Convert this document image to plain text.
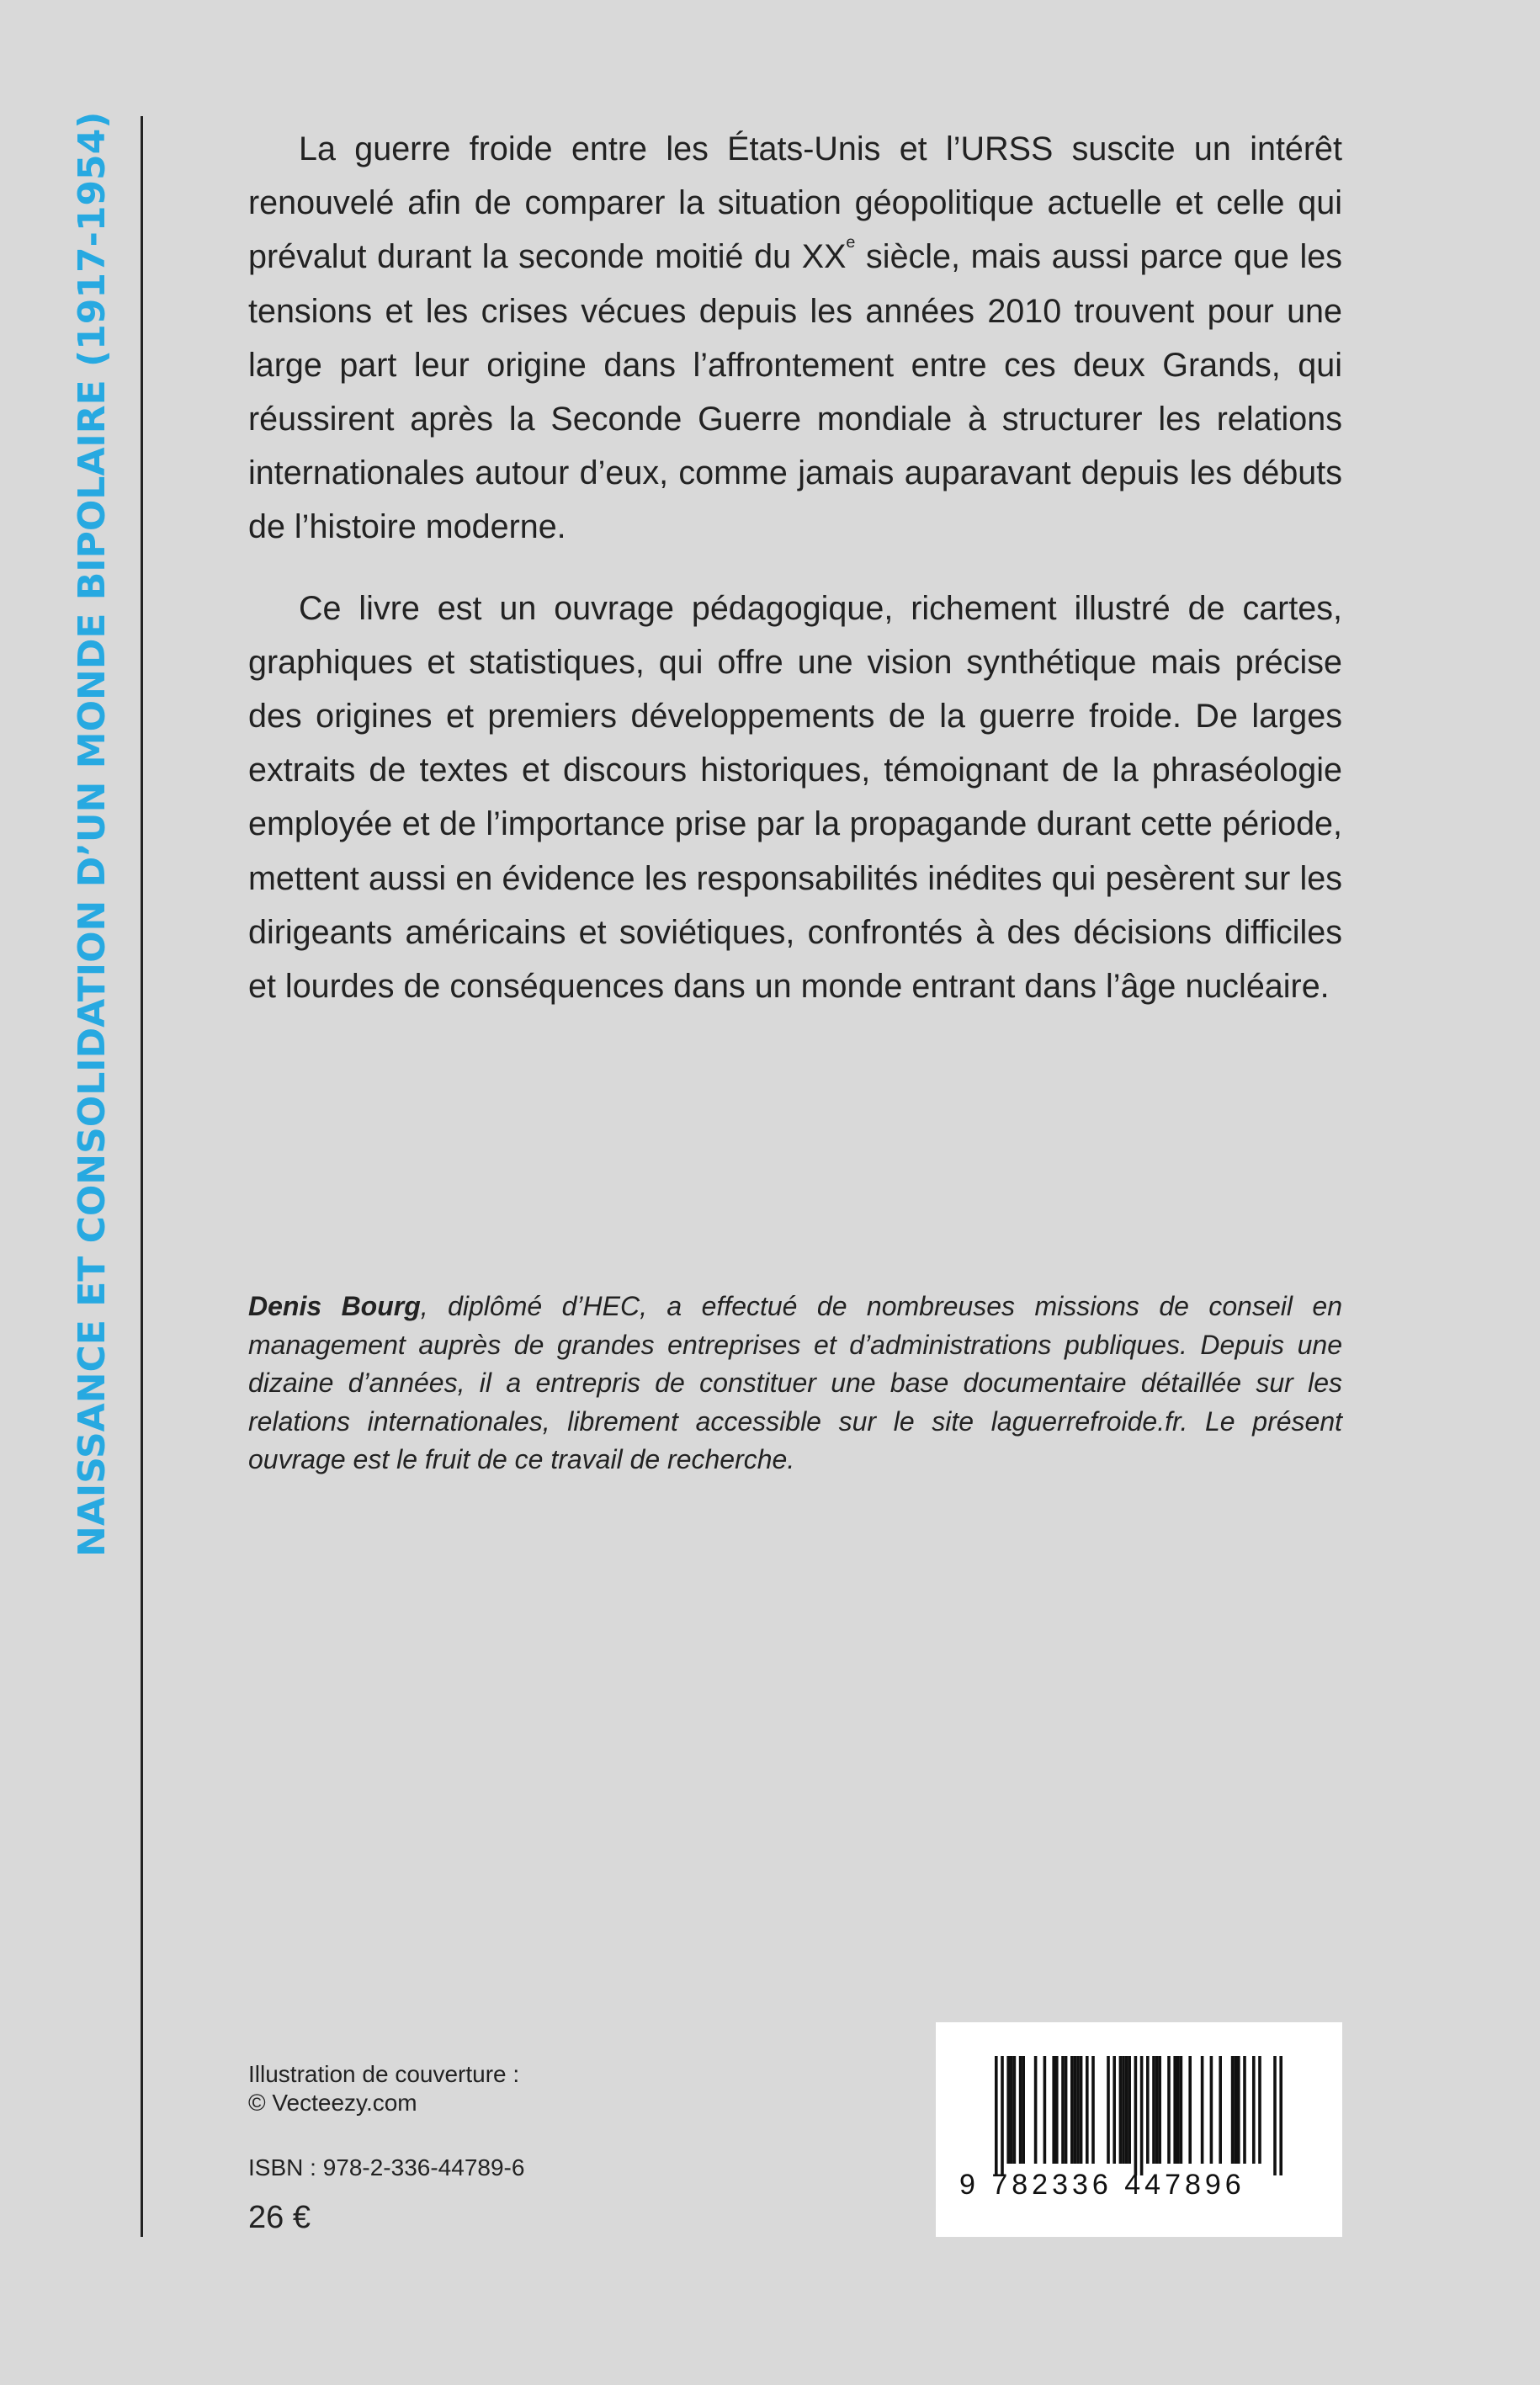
NAISSANCE ET CONSOLIDATION D’UN MONDE BIPOLAIRE (1917-1954)	La guerre froide entre les États-Unis et l’URSS suscite un intérêt renouvelé afin de comparer la situation géopolitique actuelle et celle qui prévalut durant la seconde moitié du XXe siècle, mais aussi parce que les tensions et les crises vécues depuis les années 2010 trouvent pour une large part leur origine dans l’affrontement entre ces deux Grands, qui réussirent après la Seconde Guerre mondiale à structurer les relations internationales autour d’eux, comme jamais auparavant depuis les débuts de l’histoire moderne.

Ce livre est un ouvrage pédagogique, richement illustré de cartes, graphiques et statistiques, qui offre une vision synthétique mais précise des origines et premiers développements de la guerre froide. De larges extraits de textes et discours historiques, témoignant de la phraséologie employée et de l’importance prise par la propagande durant cette période, mettent aussi en évidence les responsabilités inédites qui pesèrent sur les dirigeants américains et soviétiques, confrontés à des décisions difficiles et lourdes de conséquences dans un monde entrant dans l’âge nucléaire.

Denis Bourg, diplômé d’HEC, a effectué de nombreuses missions de conseil en management auprès de grandes entreprises et d’administrations publiques. Depuis une dizaine d’années, il a entrepris de constituer une base documentaire détaillée sur les relations internationales, librement accessible sur le site laguerrefroide.fr. Le présent ouvrage est le fruit de ce travail de recherche.
Illustration de couverture :
© Vecteezy.com
ISBN : 978-2-336-44789-6
26 €
9 782336 447896
